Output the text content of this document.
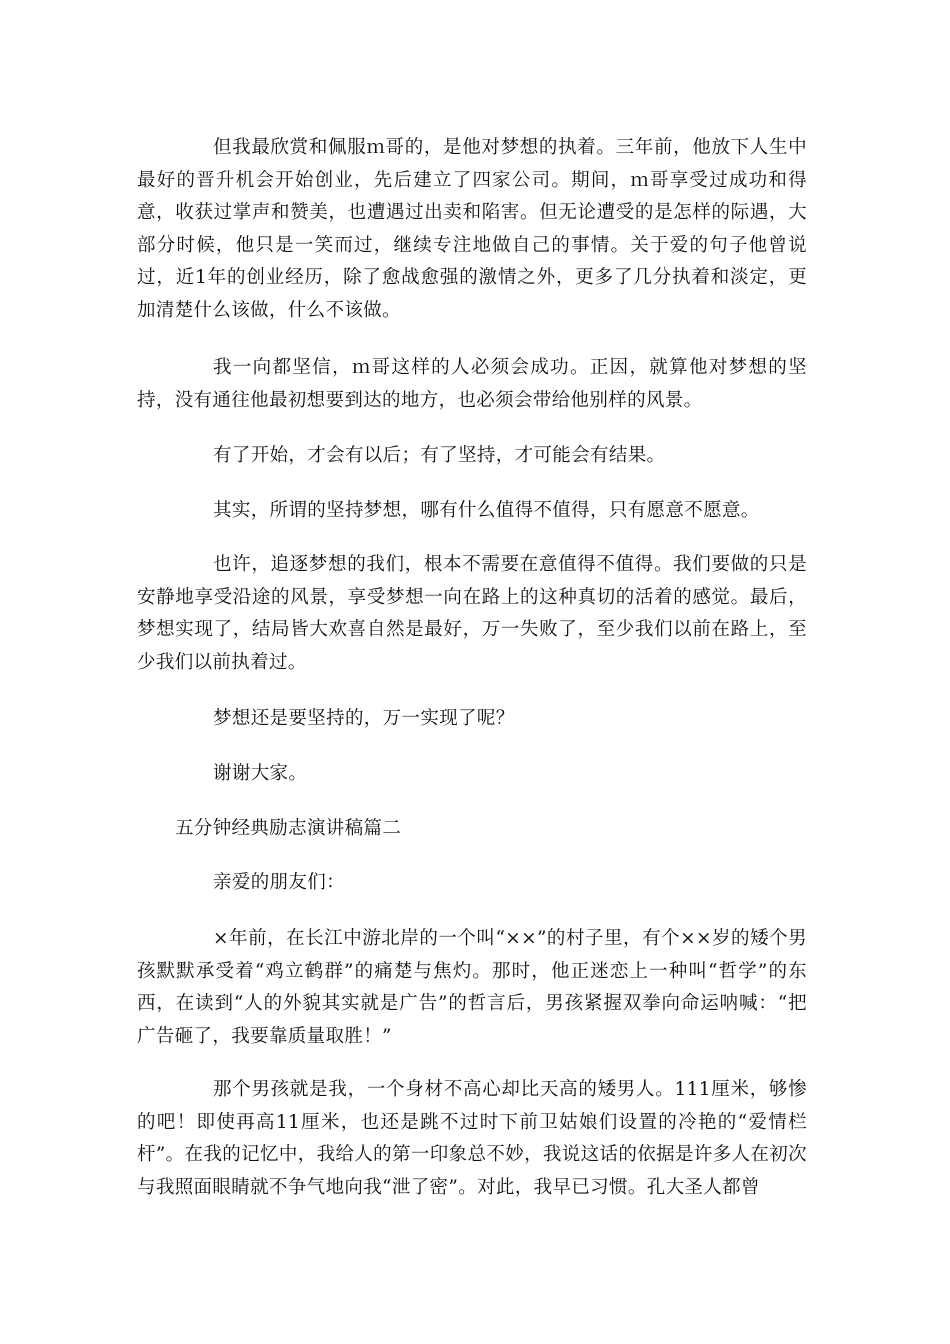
但我最欣赏和佩服ｍ哥的，是他对梦想的执着。三年前，他放下人生中最好的晋升机会开始创业，先后建立了四家公司。期间，ｍ哥享受过成功和得意，收获过掌声和赞美，也遭遇过出卖和陷害。但无论遭受的是怎样的际遇，大部分时候，他只是一笑而过，继续专注地做自己的事情。关于爱的句子他曾说过，近1年的创业经历，除了愈战愈强的激情之外，更多了几分执着和淡定，更加清楚什么该做，什么不该做。

我一向都坚信，ｍ哥这样的人必须会成功。正因，就算他对梦想的坚持，没有通往他最初想要到达的地方，也必须会带给他别样的风景。

有了开始，才会有以后；有了坚持，才可能会有结果。

其实，所谓的坚持梦想，哪有什么值得不值得，只有愿意不愿意。

也许，追逐梦想的我们，根本不需要在意值得不值得。我们要做的只是安静地享受沿途的风景，享受梦想一向在路上的这种真切的活着的感觉。最后，梦想实现了，结局皆大欢喜自然是最好，万一失败了，至少我们以前在路上，至少我们以前执着过。

梦想还是要坚持的，万一实现了呢？

谢谢大家。

五分钟经典励志演讲稿篇二

亲爱的朋友们：

×年前，在长江中游北岸的一个叫“××”的村子里，有个××岁的矮个男孩默默承受着“鸡立鹤群”的痛楚与焦灼。那时，他正迷恋上一种叫“哲学”的东西，在读到“人的外貌其实就是广告”的哲言后，男孩紧握双拳向命运呐喊：“把广告砸了，我要靠质量取胜！”

那个男孩就是我，一个身材不高心却比天高的矮男人。111厘米，够惨的吧！即使再高11厘米，也还是跳不过时下前卫姑娘们设置的冷艳的“爱情栏杆”。在我的记忆中，我给人的第一印象总不妙，我说这话的依据是许多人在初次与我照面眼睛就不争气地向我“泄了密”。对此，我早已习惯。孔大圣人都曾
